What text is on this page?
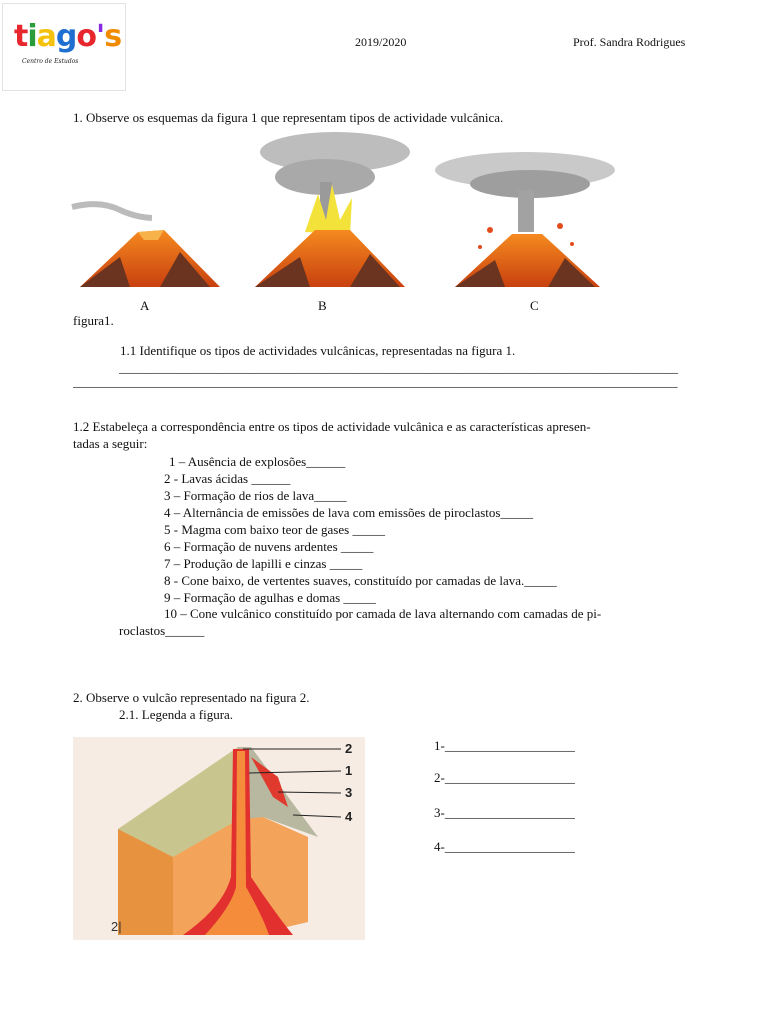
tiago's
Centro de Estudos
2019/2020	Prof. Sandra Rodrigues
1. Observe os esquemas da figura 1 que representam tipos de actividade vulcânica.
A	B	C
figura1.
1.1 Identifique os tipos de actividades vulcânicas, representadas na figura 1.
______________________________________________________________________________________
_____________________________________________________________________________________________
1.2 Estabeleça a correspondência entre os tipos de actividade vulcânica e as características apresen-
tadas a seguir:
1 – Ausência de explosões______
2 - Lavas ácidas ______
3 – Formação de rios de lava_____
4 – Alternância de emissões de lava com emissões de piroclastos_____
5 - Magma com baixo teor de gases _____
6 – Formação de nuvens ardentes _____
7 – Produção de lapilli e cinzas _____
8 - Cone baixo, de vertentes suaves, constituído por camadas de lava._____
9 – Formação de agulhas e domas _____
10 – Cone vulcânico constituído por camada de lava alternando com camadas de pi-
roclastos______
2. Observe o vulcão representado na figura 2.
2.1. Legenda a figura.
2
1
3
4
2|
1-____________________
2-____________________
3-____________________
4-____________________
